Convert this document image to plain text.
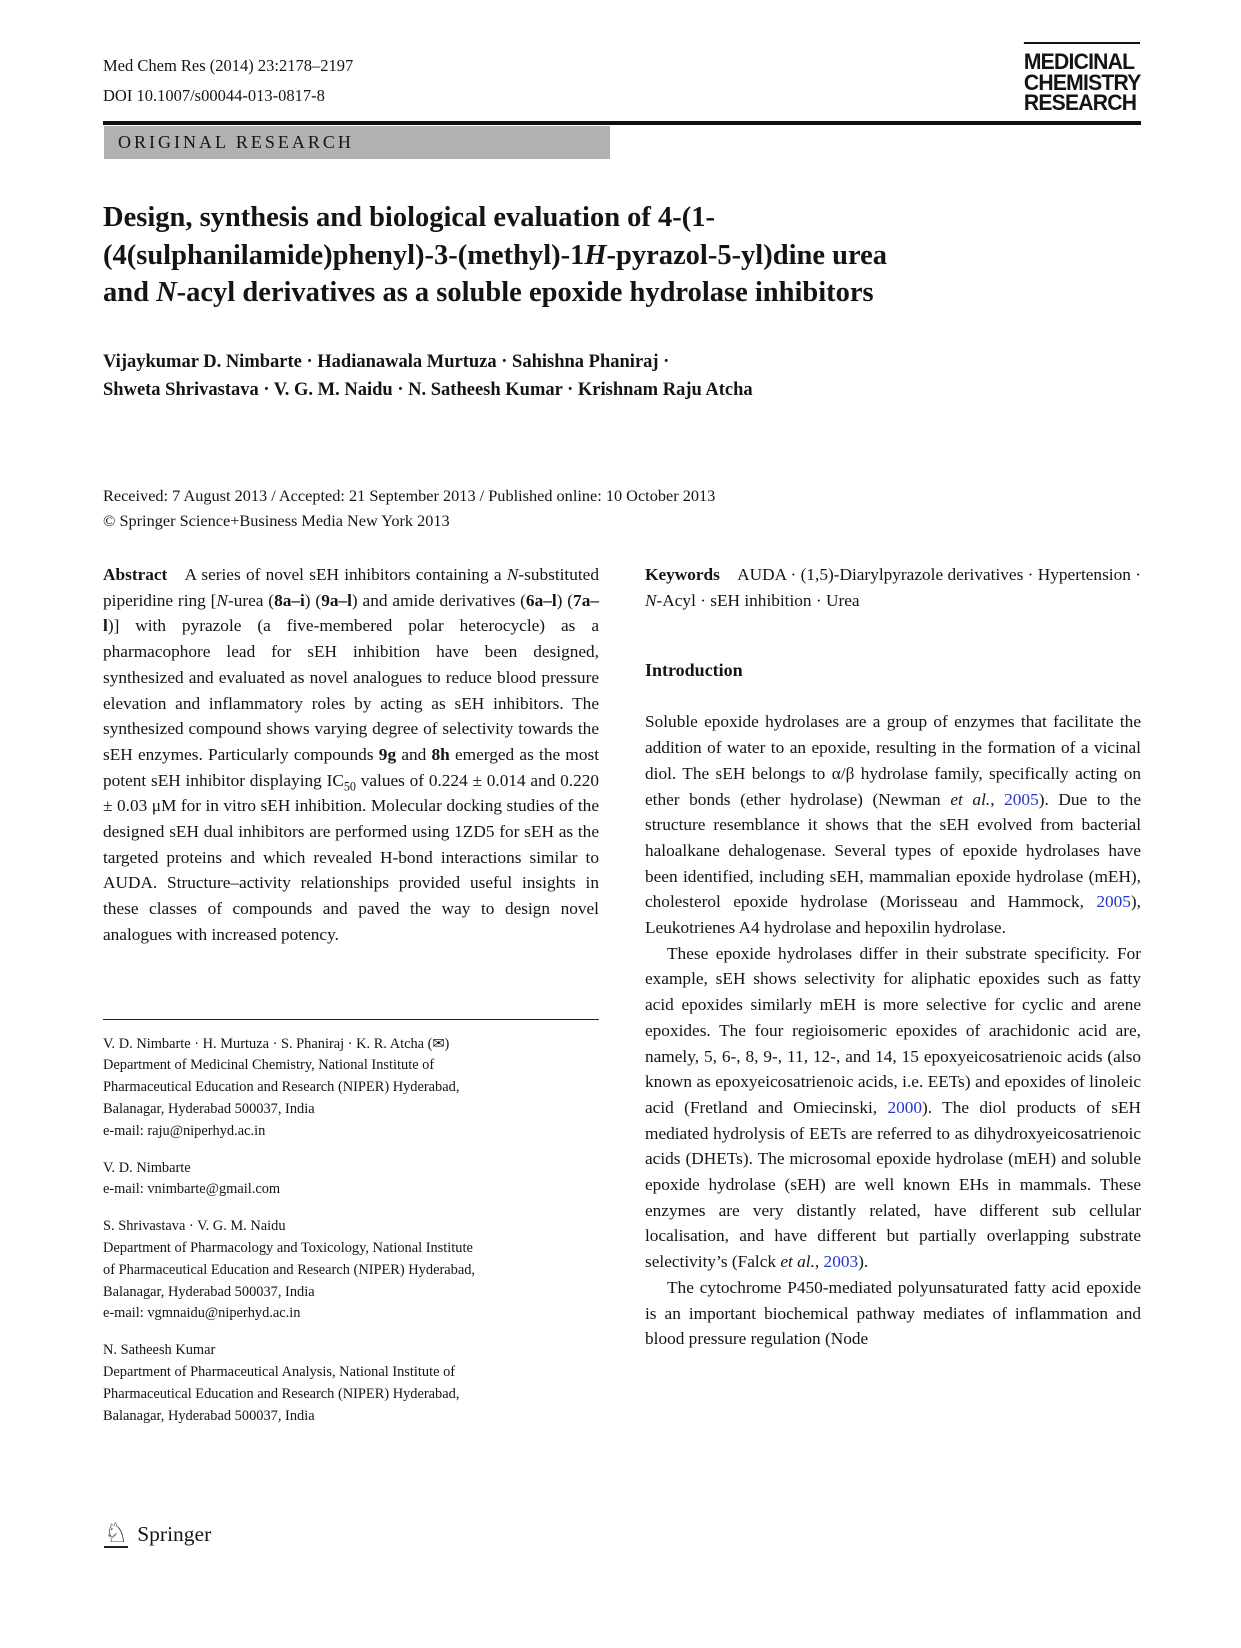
Med Chem Res (2014) 23:2178–2197
DOI 10.1007/s00044-013-0817-8
MEDICINAL
CHEMISTRY
RESEARCH
ORIGINAL RESEARCH
Design, synthesis and biological evaluation of 4-(1-
(4(sulphanilamide)phenyl)-3-(methyl)-1H-pyrazol-5-yl)dine urea
and N-acyl derivatives as a soluble epoxide hydrolase inhibitors
Vijaykumar D. Nimbarte · Hadianawala Murtuza · Sahishna Phaniraj ·
Shweta Shrivastava · V. G. M. Naidu · N. Satheesh Kumar · Krishnam Raju Atcha
Received: 7 August 2013 / Accepted: 21 September 2013 / Published online: 10 October 2013
© Springer Science+Business Media New York 2013

Abstract  A series of novel sEH inhibitors containing a N-substituted piperidine ring [N-urea (8a–i) (9a–l) and amide derivatives (6a–l) (7a–l)] with pyrazole (a five-membered polar heterocycle) as a pharmacophore lead for sEH inhibition have been designed, synthesized and evaluated as novel analogues to reduce blood pressure elevation and inflammatory roles by acting as sEH inhibitors. The synthesized compound shows varying degree of selectivity towards the sEH enzymes. Particularly compounds 9g and 8h emerged as the most potent sEH inhibitor displaying $IC_{50}$ values of 0.224 ± 0.014 and 0.220 ± 0.03 μM for in vitro sEH inhibition. Molecular docking studies of the designed sEH dual inhibitors are performed using 1ZD5 for sEH as the targeted proteins and which revealed H-bond interactions similar to AUDA. Structure–activity relationships provided useful insights in these classes of compounds and paved the way to design novel analogues with increased potency.

V. D. Nimbarte · H. Murtuza · S. Phaniraj · K. R. Atcha (✉)
Department of Medicinal Chemistry, National Institute of
Pharmaceutical Education and Research (NIPER) Hyderabad,
Balanagar, Hyderabad 500037, India
e-mail: raju@niperhyd.ac.in
V. D. Nimbarte
e-mail: vnimbarte@gmail.com
S. Shrivastava · V. G. M. Naidu
Department of Pharmacology and Toxicology, National Institute
of Pharmaceutical Education and Research (NIPER) Hyderabad,
Balanagar, Hyderabad 500037, India
e-mail: vgmnaidu@niperhyd.ac.in
N. Satheesh Kumar
Department of Pharmaceutical Analysis, National Institute of
Pharmaceutical Education and Research (NIPER) Hyderabad,
Balanagar, Hyderabad 500037, India

Keywords  AUDA · (1,5)-Diarylpyrazole derivatives · Hypertension · N-Acyl · sEH inhibition · Urea

Introduction

Soluble epoxide hydrolases are a group of enzymes that facilitate the addition of water to an epoxide, resulting in the formation of a vicinal diol. The sEH belongs to α/β hydrolase family, specifically acting on ether bonds (ether hydrolase) (Newman et al., 2005). Due to the structure resemblance it shows that the sEH evolved from bacterial haloalkane dehalogenase. Several types of epoxide hydrolases have been identified, including sEH, mammalian epoxide hydrolase (mEH), cholesterol epoxide hydrolase (Morisseau and Hammock, 2005), Leukotrienes A4 hydrolase and hepoxilin hydrolase.

These epoxide hydrolases differ in their substrate specificity. For example, sEH shows selectivity for aliphatic epoxides such as fatty acid epoxides similarly mEH is more selective for cyclic and arene epoxides. The four regioisomeric epoxides of arachidonic acid are, namely, 5, 6-, 8, 9-, 11, 12-, and 14, 15 epoxyeicosatrienoic acids (also known as epoxyeicosatrienoic acids, i.e. EETs) and epoxides of linoleic acid (Fretland and Omiecinski, 2000). The diol products of sEH mediated hydrolysis of EETs are referred to as dihydroxyeicosatrienoic acids (DHETs). The microsomal epoxide hydrolase (mEH) and soluble epoxide hydrolase (sEH) are well known EHs in mammals. These enzymes are very distantly related, have different sub cellular localisation, and have different but partially overlapping substrate selectivity’s (Falck et al., 2003).

The cytochrome P450-mediated polyunsaturated fatty acid epoxide is an important biochemical pathway mediates of inflammation and blood pressure regulation (Node

♘ Springer
